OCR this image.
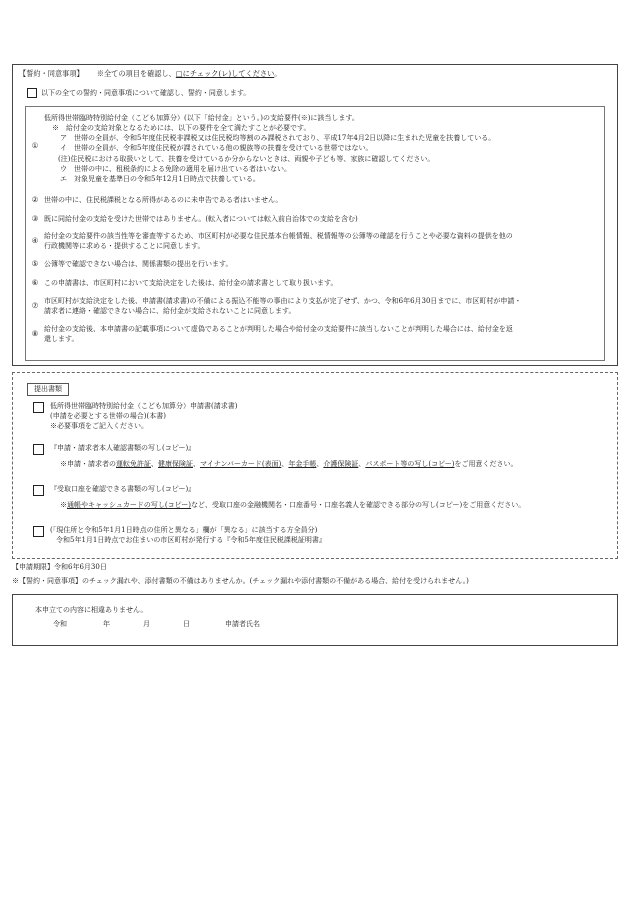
【誓約・同意事項】　　 ※全ての項目を確認し、□にチェック(レ)してください。
以下の全ての誓約・同意事項について確認し、誓約・同意します。
①
低所得世帯臨時特別給付金（こども加算分）(以下「給付金」という。)の支給要件(※)に該当します。
※　給付金の支給対象となるためには、以下の要件を全て満たすことが必要です。
ア　世帯の全員が、令和5年度住民税非課税又は住民税均等割のみ課税されており、平成17年4月2日以降に生まれた児童を扶養している。
イ　世帯の全員が、令和5年度住民税が課されている他の親族等の扶養を受けている世帯ではない。
(注)住民税における取扱いとして、扶養を受けているか分からないときは、両親や子ども等、家族に確認してください。
ウ　世帯の中に、租税条約による免除の適用を届け出ている者はいない。
エ　対象児童を基準日の令和5年12月1日時点で扶養している。
② 世帯の中に、住民税課税となる所得があるのに未申告である者はいません。
③ 既に同給付金の支給を受けた世帯ではありません。(転入者については転入前自治体での支給を含む)
④ 給付金の支給要件の該当性等を審査等するため、市区町村が必要な住民基本台帳情報、税情報等の公簿等の確認を行うことや必要な資料の提供を他の
行政機関等に求める・提供することに同意します。
⑤ 公簿等で確認できない場合は、関係書類の提出を行います。
⑥ この申請書は、市区町村において支給決定をした後は、給付金の請求書として取り扱います。
⑦ 市区町村が支給決定をした後、申請書(請求書)の不備による振込不能等の事由により支払が完了せず、かつ、令和6年6月30日までに、市区町村が申請・
請求者に連絡・確認できない場合に、給付金が支給されないことに同意します。
⑧ 給付金の支給後、本申請書の記載事項について虚偽であることが判明した場合や給付金の支給要件に該当しないことが判明した場合には、給付金を返
還します。
提出書類
低所得世帯臨時特別給付金（こども加算分）申請書(請求書)
(申請を必要とする世帯の場合)(本書)
※必要事項をご記入ください。
『申請・請求者本人確認書類の写し(コピー)』
※申請・請求者の運転免許証、健康保険証、マイナンバーカード(表面)、年金手帳、介護保険証、パスポート等の写し(コピー)をご用意ください。
『受取口座を確認できる書類の写し(コピー)』
※通帳やキャッシュカードの写し(コピー)など、受取口座の金融機関名・口座番号・口座名義人を確認できる部分の写し(コピー)をご用意ください。
(「現住所と令和5年1月1日時点の住所と異なる」欄が「異なる」に該当する方全員分)
令和5年1月1日時点でお住まいの市区町村が発行する『令和5年度住民税課税証明書』
【申請期限】令和6年6月30日
※【誓約・同意事項】のチェック漏れや、添付書類の不備はありませんか。(チェック漏れや添付書類の不備がある場合、給付を受けられません。)
本申立ての内容に相違ありません。
令和	年	月	日	申請者氏名
